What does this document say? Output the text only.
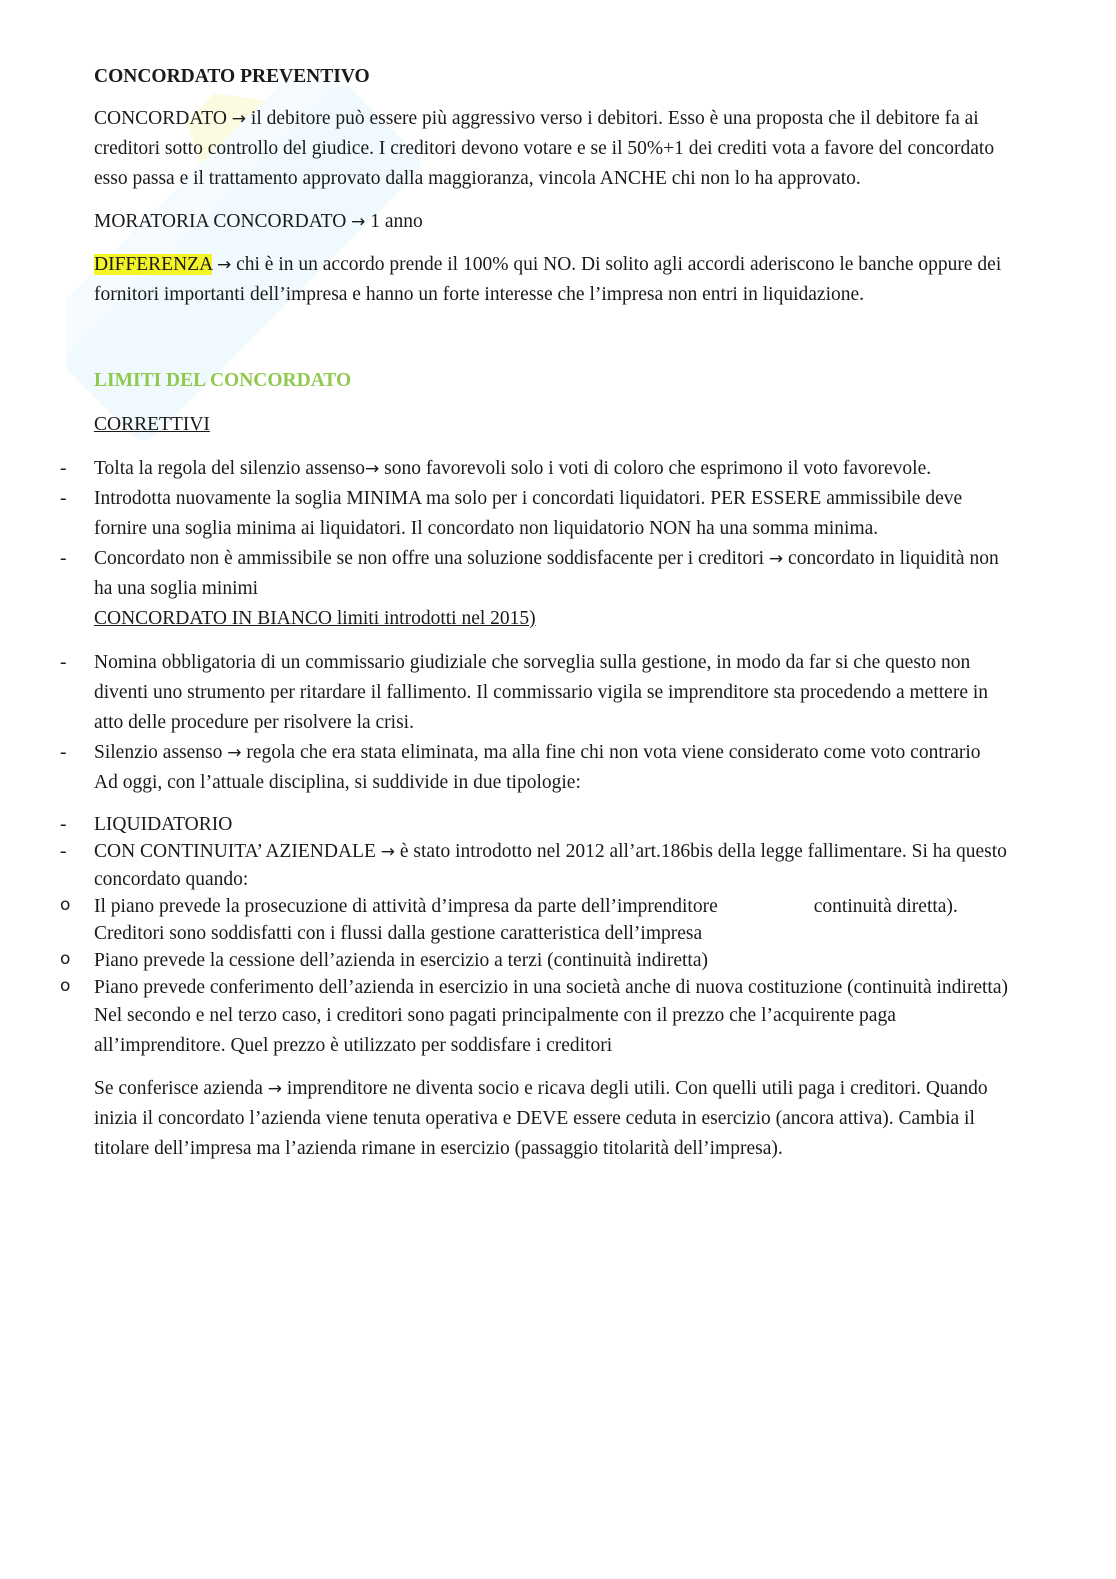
CONCORDATO PREVENTIVO

CONCORDATO → il debitore può essere più aggressivo verso i debitori. Esso è una proposta che il debitore fa ai creditori sotto controllo del giudice. I creditori devono votare e se il 50%+1 dei crediti vota a favore del concordato esso passa e il trattamento approvato dalla maggioranza, vincola ANCHE chi non lo ha approvato.

MORATORIA CONCORDATO → 1 anno

DIFFERENZA → chi è in un accordo prende il 100% qui NO. Di solito agli accordi aderiscono le banche oppure dei fornitori importanti dell’impresa e hanno un forte interesse che l’impresa non entri in liquidazione.

LIMITI DEL CONCORDATO

CORRETTIVI

- Tolta la regola del silenzio assenso→ sono favorevoli solo i voti di coloro che esprimono il voto favorevole.
- Introdotta nuovamente la soglia MINIMA ma solo per i concordati liquidatori. PER ESSERE ammissibile deve fornire una soglia minima ai liquidatori. Il concordato non liquidatorio NON ha una somma minima.
- Concordato non è ammissibile se non offre una soluzione soddisfacente per i creditori → concordato in liquidità non ha una soglia minimi

CONCORDATO IN BIANCO limiti introdotti nel 2015)

- Nomina obbligatoria di un commissario giudiziale che sorveglia sulla gestione, in modo da far si che questo non diventi uno strumento per ritardare il fallimento. Il commissario vigila se imprenditore sta procedendo a mettere in atto delle procedure per risolvere la crisi.
- Silenzio assenso → regola che era stata eliminata, ma alla fine chi non vota viene considerato come voto contrario

Ad oggi, con l’attuale disciplina, si suddivide in due tipologie:

- LIQUIDATORIO
- CON CONTINUITA’ AZIENDALE → è stato introdotto nel 2012 all’art.186bis della legge fallimentare. Si ha questo concordato quando:
o Il piano prevede la prosecuzione di attività d’impresa da parte dell’imprenditore	continuità diretta). Creditori sono soddisfatti con i flussi dalla gestione caratteristica dell’impresa
o Piano prevede la cessione dell’azienda in esercizio a terzi (continuità indiretta)
o Piano prevede conferimento dell’azienda in esercizio in una società anche di nuova costituzione (continuità indiretta)

Nel secondo e nel terzo caso, i creditori sono pagati principalmente con il prezzo che l’acquirente paga all’imprenditore. Quel prezzo è utilizzato per soddisfare i creditori

Se conferisce azienda → imprenditore ne diventa socio e ricava degli utili. Con quelli utili paga i creditori. Quando inizia il concordato l’azienda viene tenuta operativa e DEVE essere ceduta in esercizio (ancora attiva). Cambia il titolare dell’impresa ma l’azienda rimane in esercizio (passaggio titolarità dell’impresa).
